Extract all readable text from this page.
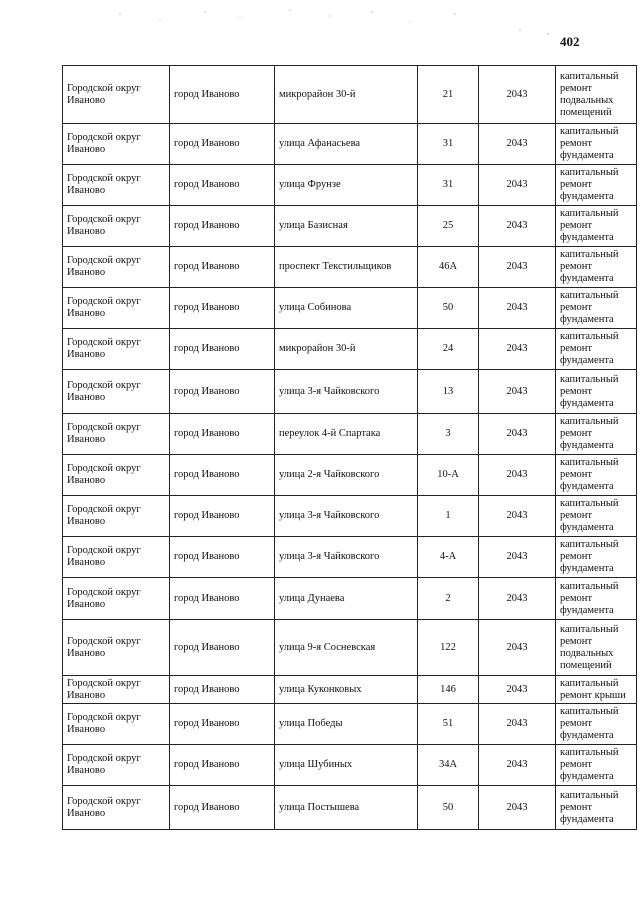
402
Городской округ Иваново	город Иваново	микрорайон 30-й	21	2043	капитальный ремонт подвальных помещений
Городской округ Иваново	город Иваново	улица Афанасьева	31	2043	капитальный ремонт фундамента
Городской округ Иваново	город Иваново	улица Фрунзе	31	2043	капитальный ремонт фундамента
Городской округ Иваново	город Иваново	улица Базисная	25	2043	капитальный ремонт фундамента
Городской округ Иваново	город Иваново	проспект Текстильщиков	46А	2043	капитальный ремонт фундамента
Городской округ Иваново	город Иваново	улица Собинова	50	2043	капитальный ремонт фундамента
Городской округ Иваново	город Иваново	микрорайон 30-й	24	2043	капитальный ремонт фундамента
Городской округ Иваново	город Иваново	улица 3-я Чайковского	13	2043	капитальный ремонт фундамента
Городской округ Иваново	город Иваново	переулок 4-й Спартака	3	2043	капитальный ремонт фундамента
Городской округ Иваново	город Иваново	улица 2-я Чайковского	10-А	2043	капитальный ремонт фундамента
Городской округ Иваново	город Иваново	улица 3-я Чайковского	1	2043	капитальный ремонт фундамента
Городской округ Иваново	город Иваново	улица 3-я Чайковского	4-А	2043	капитальный ремонт фундамента
Городской округ Иваново	город Иваново	улица Дунаева	2	2043	капитальный ремонт фундамента
Городской округ Иваново	город Иваново	улица 9-я Сосневская	122	2043	капитальный ремонт подвальных помещений
Городской округ Иваново	город Иваново	улица Куконковых	146	2043	капитальный ремонт крыши
Городской округ Иваново	город Иваново	улица Победы	51	2043	капитальный ремонт фундамента
Городской округ Иваново	город Иваново	улица Шубиных	34А	2043	капитальный ремонт фундамента
Городской округ Иваново	город Иваново	улица Постышева	50	2043	капитальный ремонт фундамента
